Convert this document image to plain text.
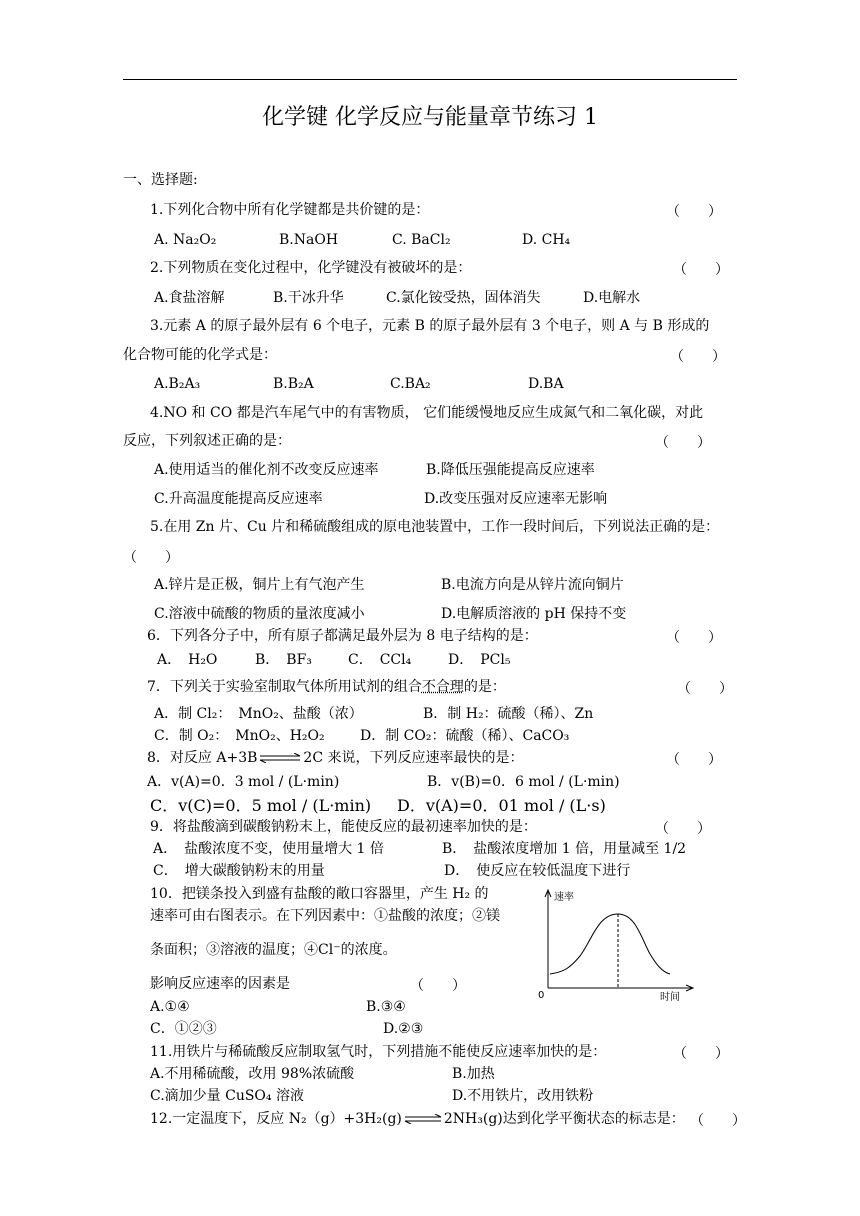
化学键 化学反应与能量章节练习 1
一、选择题:
1.下列化合物中所有化学键都是共价键的是：	（　　）
A. Na₂O₂	B.NaOH	C. BaCl₂	D. CH₄
2.下列物质在变化过程中，化学键没有被破坏的是：	（　　）
A.食盐溶解	B.干冰升华	C.氯化铵受热，固体消失	D.电解水
3.元素 A 的原子最外层有 6 个电子，元素 B 的原子最外层有 3 个电子，则 A 与 B 形成的
化合物可能的化学式是：	（　　）
A.B₂A₃	B.B₂A	C.BA₂	D.BA
4.NO 和 CO 都是汽车尾气中的有害物质， 它们能缓慢地反应生成氮气和二氧化碳，对此
反应，下列叙述正确的是：	（　　）
A.使用适当的催化剂不改变反应速率	B.降低压强能提高反应速率
C.升高温度能提高反应速率	D.改变压强对反应速率无影响
5.在用 Zn 片、Cu 片和稀硫酸组成的原电池装置中，工作一段时间后，下列说法正确的是：
（　　）
A.锌片是正极，铜片上有气泡产生	B.电流方向是从锌片流向铜片
C.溶液中硫酸的物质的量浓度减小	D.电解质溶液的 pH 保持不变
6．下列各分子中，所有原子都满足最外层为 8 电子结构的是：	（　　）
A．　H₂O	B．　BF₃	C．　CCl₄	D．　PCl₅
7．下列关于实验室制取气体所用试剂的组合不合理的是：	（　　）
A．制 Cl₂：　MnO₂、盐酸（浓）	B．制 H₂：硫酸（稀）、Zn
C．制 O₂：　MnO₂、H₂O₂	D．制 CO₂：硫酸（稀）、CaCO₃
8．对反应 A+3B⇌2C 来说，下列反应速率最快的是：	（　　）
A．v(A)=0．3 mol / (L·min)	B．v(B)=0．6 mol / (L·min)
C．v(C)=0．5 mol / (L·min) D．v(A)=0．01 mol / (L·s)
9．将盐酸滴到碳酸钠粉末上，能使反应的最初速率加快的是：	（　　）
A．　盐酸浓度不变，使用量增大 1 倍	B．　盐酸浓度增加 1 倍，用量减至 1/2
C．　增大碳酸钠粉末的用量	D．　使反应在较低温度下进行
10．把镁条投入到盛有盐酸的敞口容器里，产生 H₂ 的
速率可由右图表示。在下列因素中：①盐酸的浓度；②镁
条面积；③溶液的温度；④Cl⁻的浓度。
影响反应速率的因素是	（　　）
A.①④	B.③④
C．①②③	D.②③
速率
时间
0
11.用铁片与稀硫酸反应制取氢气时，下列措施不能使反应速率加快的是：	（　　）
A.不用稀硫酸，改用 98%浓硫酸	B.加热
C.滴加少量 CuSO₄ 溶液	D.不用铁片，改用铁粉
12.一定温度下，反应 N₂（g）+3H₂(g)⇌2NH₃(g)达到化学平衡状态的标志是： （　　）
